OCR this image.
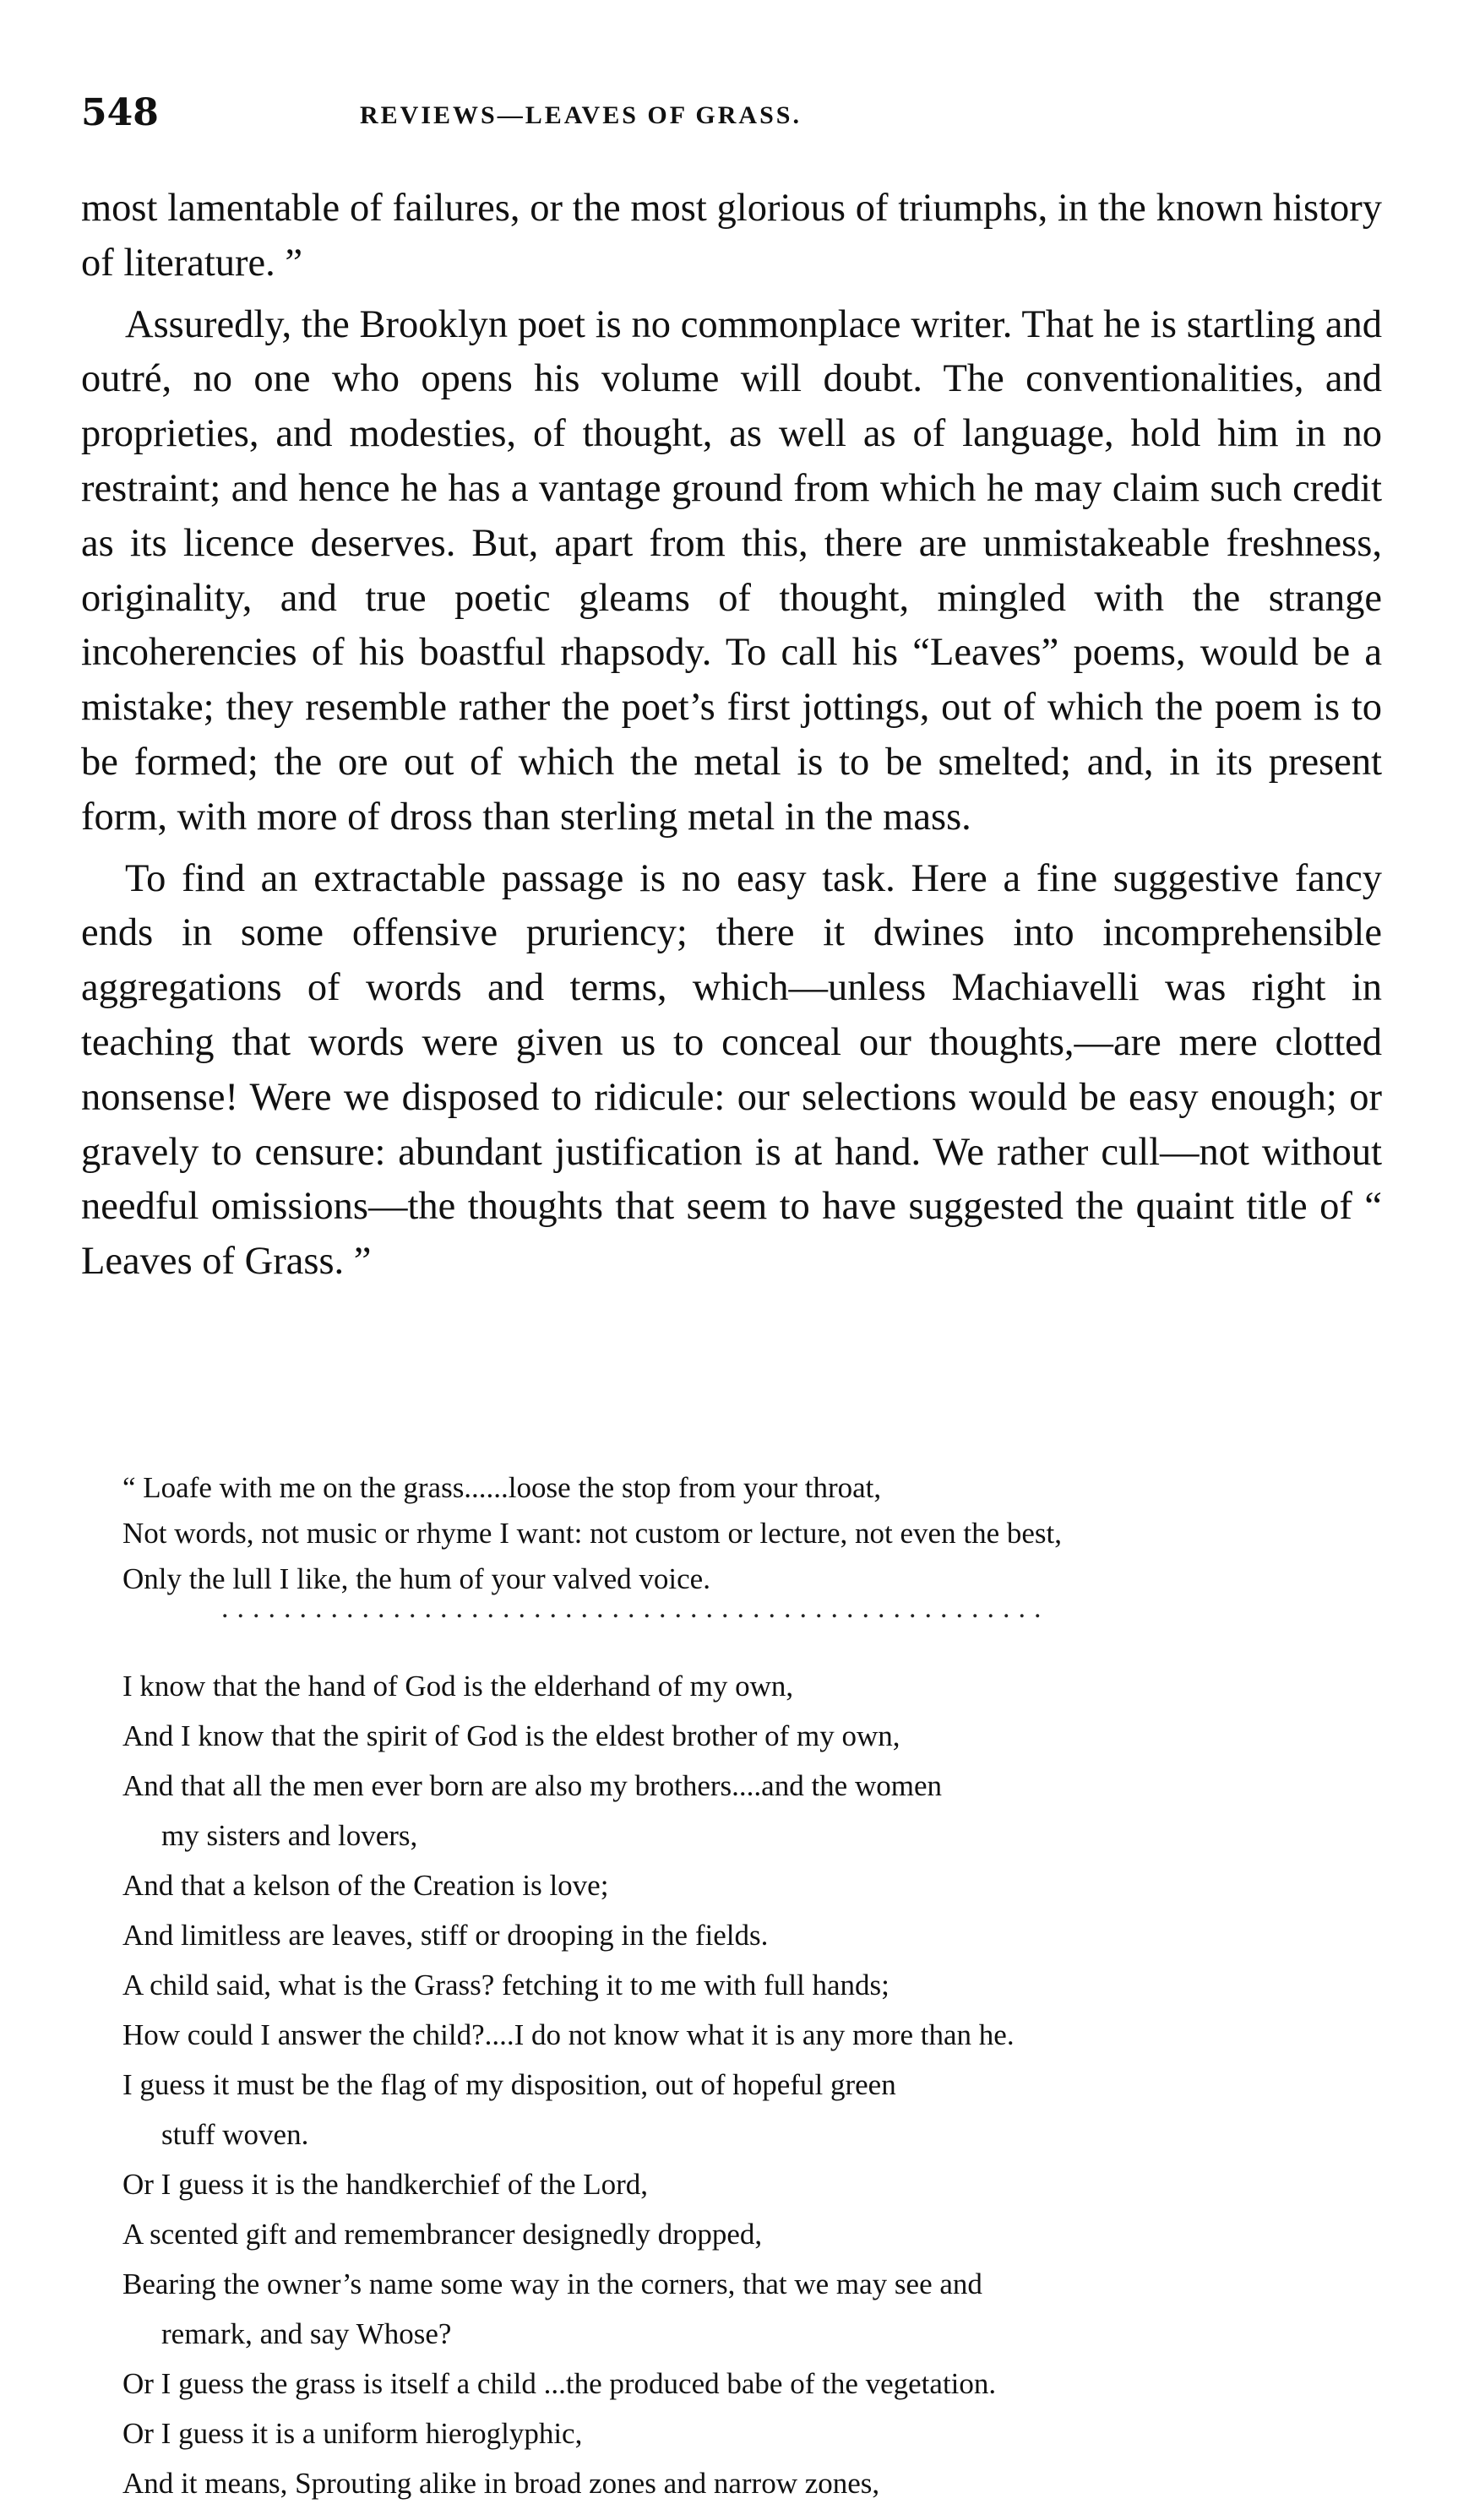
548	REVIEWS—LEAVES OF GRASS.

most lamentable of failures, or the most glorious of triumphs, in the known history of literature. ”

Assuredly, the Brooklyn poet is no commonplace writer. That he is startling and outré, no one who opens his volume will doubt. The conventionalities, and proprieties, and modesties, of thought, as well as of language, hold him in no restraint; and hence he has a vantage ground from which he may claim such credit as its licence deserves. But, apart from this, there are unmistakeable freshness, originality, and true poetic gleams of thought, mingled with the strange incoherencies of his boastful rhapsody. To call his “Leaves” poems, would be a mistake; they resemble rather the poet’s first jottings, out of which the poem is to be formed; the ore out of which the metal is to be smelted; and, in its present form, with more of dross than sterling metal in the mass.

To find an extractable passage is no easy task. Here a fine suggestive fancy ends in some offensive pruriency; there it dwines into incomprehensible aggregations of words and terms, which—unless Machiavelli was right in teaching that words were given us to conceal our thoughts,—are mere clotted nonsense! Were we disposed to ridicule: our selections would be easy enough; or gravely to censure: abundant justification is at hand. We rather cull—not without needful omissions—the thoughts that seem to have suggested the quaint title of “ Leaves of Grass. ”

“ Loafe with me on the grass......loose the stop from your throat,
Not words, not music or rhyme I want: not custom or lecture, not even the best,
Only the lull I like, the hum of your valved voice.
.....................................................
I know that the hand of God is the elderhand of my own,
And I know that the spirit of God is the eldest brother of my own,
And that all the men ever born are also my brothers....and the women
my sisters and lovers,
And that a kelson of the Creation is love;
And limitless are leaves, stiff or drooping in the fields.
A child said, what is the Grass? fetching it to me with full hands;
How could I answer the child?....I do not know what it is any more than he.
I guess it must be the flag of my disposition, out of hopeful green
stuff woven.
Or I guess it is the handkerchief of the Lord,
A scented gift and remembrancer designedly dropped,
Bearing the owner’s name some way in the corners, that we may see and
remark, and say Whose?
Or I guess the grass is itself a child ...the produced babe of the vegetation.
Or I guess it is a uniform hieroglyphic,
And it means, Sprouting alike in broad zones and narrow zones,
